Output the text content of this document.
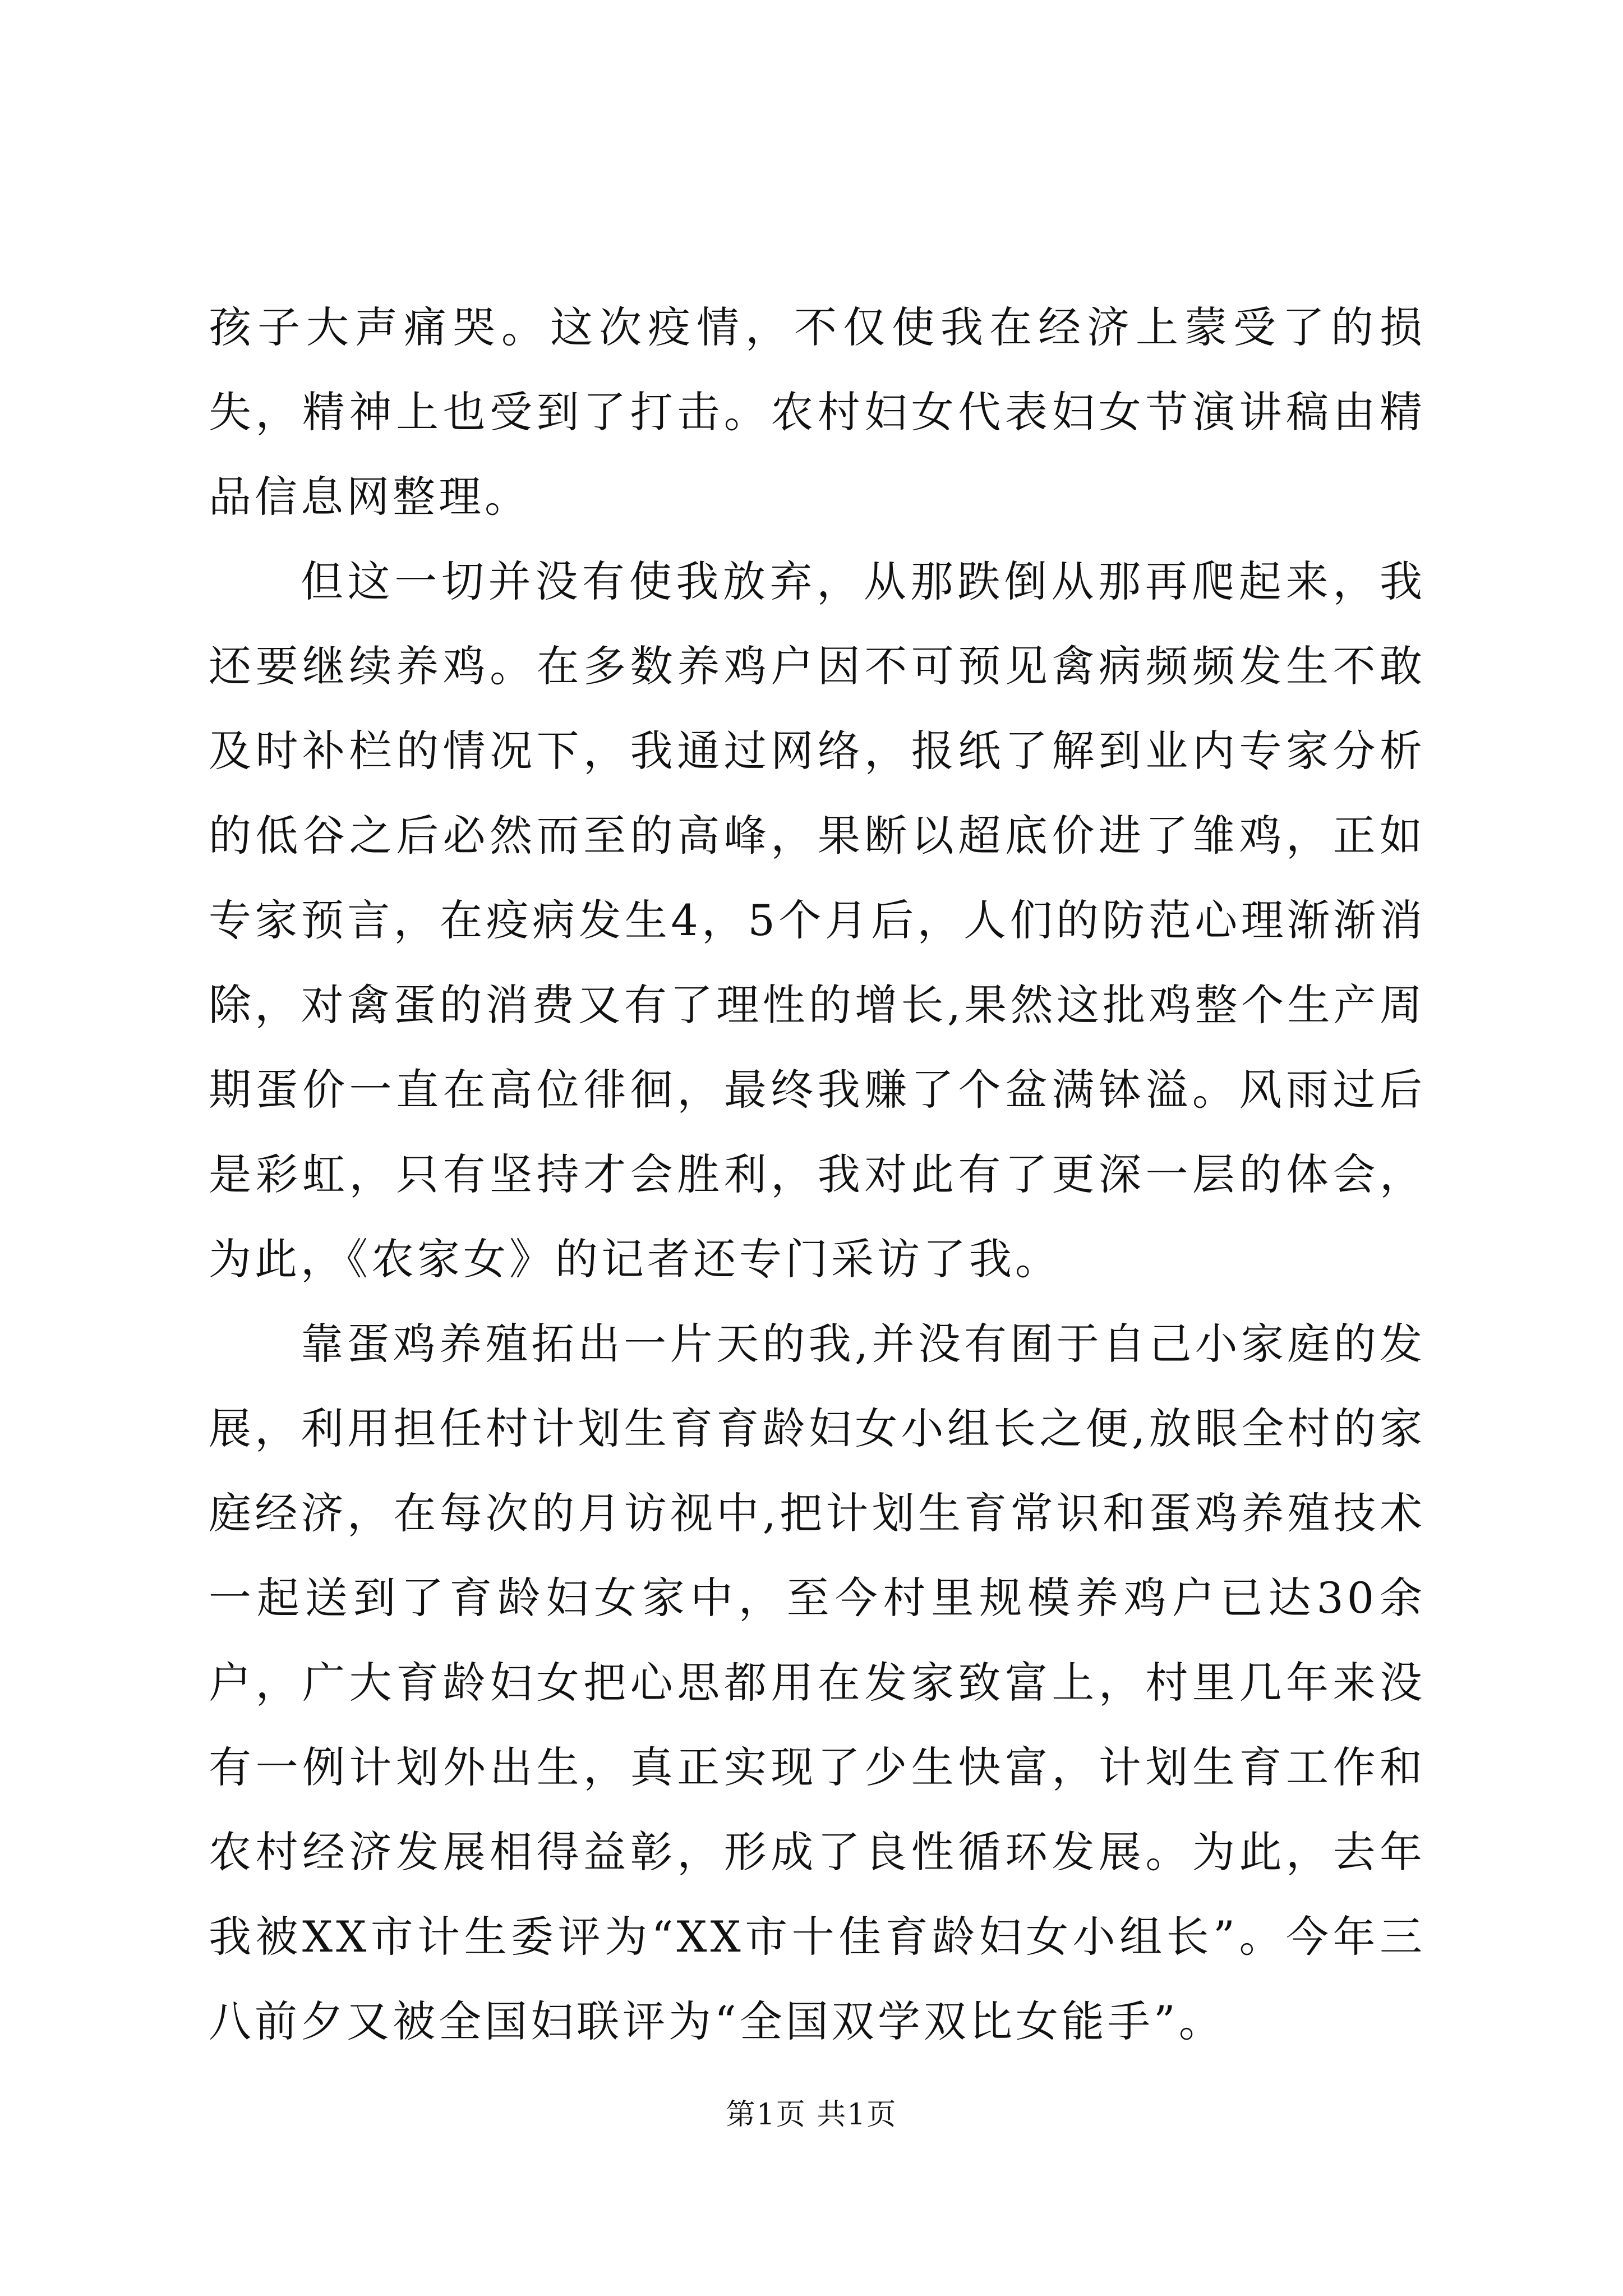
孩子大声痛哭。这次疫情，不仅使我在经济上蒙受了的损失，精神上也受到了打击。农村妇女代表妇女节演讲稿由精品信息网整理。

但这一切并没有使我放弃，从那跌倒从那再爬起来，我还要继续养鸡。在多数养鸡户因不可预见禽病频频发生不敢及时补栏的情况下，我通过网络，报纸了解到业内专家分析的低谷之后必然而至的高峰，果断以超底价进了雏鸡，正如专家预言，在疫病发生4，5个月后，人们的防范心理渐渐消除，对禽蛋的消费又有了理性的增长,果然这批鸡整个生产周期蛋价一直在高位徘徊，最终我赚了个盆满钵溢。风雨过后是彩虹，只有坚持才会胜利，我对此有了更深一层的体会，为此，《农家女》的记者还专门采访了我。

靠蛋鸡养殖拓出一片天的我,并没有囿于自己小家庭的发展，利用担任村计划生育育龄妇女小组长之便,放眼全村的家庭经济，在每次的月访视中,把计划生育常识和蛋鸡养殖技术一起送到了育龄妇女家中，至今村里规模养鸡户已达30余户，广大育龄妇女把心思都用在发家致富上，村里几年来没有一例计划外出生，真正实现了少生快富，计划生育工作和农村经济发展相得益彰，形成了良性循环发展。为此，去年我被XX市计生委评为“XX市十佳育龄妇女小组长”。今年三八前夕又被全国妇联评为“全国双学双比女能手”。

第1页 共1页
